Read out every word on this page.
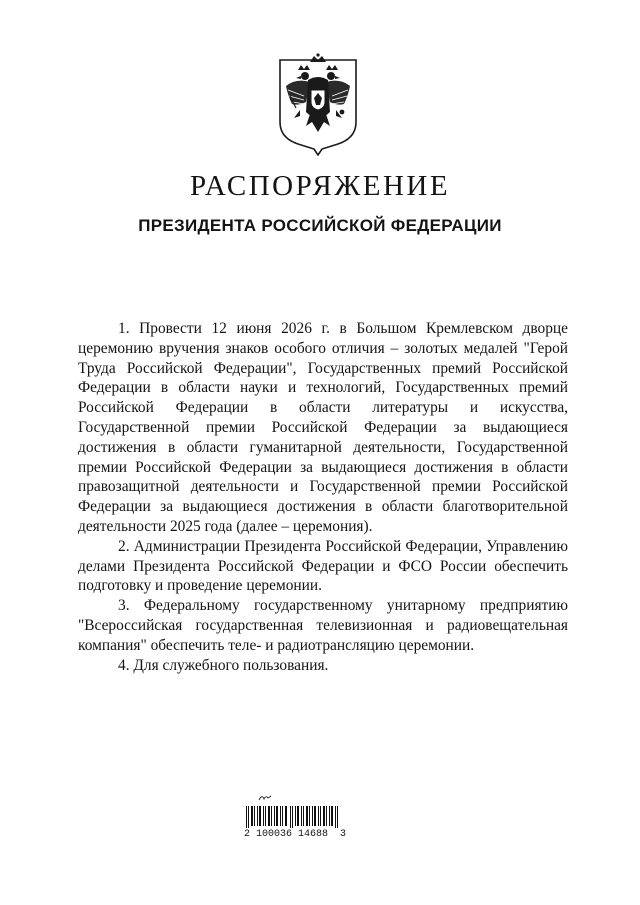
РАСПОРЯЖЕНИЕ
ПРЕЗИДЕНТА РОССИЙСКОЙ ФЕДЕРАЦИИ

1. Провести 12 июня 2026 г. в Большом Кремлевском дворце церемонию вручения знаков особого отличия – золотых медалей "Герой Труда Российской Федерации", Государственных премий Российской Федерации в области науки и технологий, Государственных премий Российской Федерации в области литературы и искусства, Государственной премии Российской Федерации за выдающиеся достижения в области гуманитарной деятельности, Государственной премии Российской Федерации за выдающиеся достижения в области правозащитной деятельности и Государственной премии Российской Федерации за выдающиеся достижения в области благотворительной деятельности 2025 года (далее – церемония).

2. Администрации Президента Российской Федерации, Управлению делами Президента Российской Федерации и ФСО России обеспечить подготовку и проведение церемонии.

3. Федеральному государственному унитарному предприятию "Всероссийская государственная телевизионная и радиовещательная компания" обеспечить теле- и радиотрансляцию церемонии.

4. Для служебного пользования.

2 100036 14688  3
